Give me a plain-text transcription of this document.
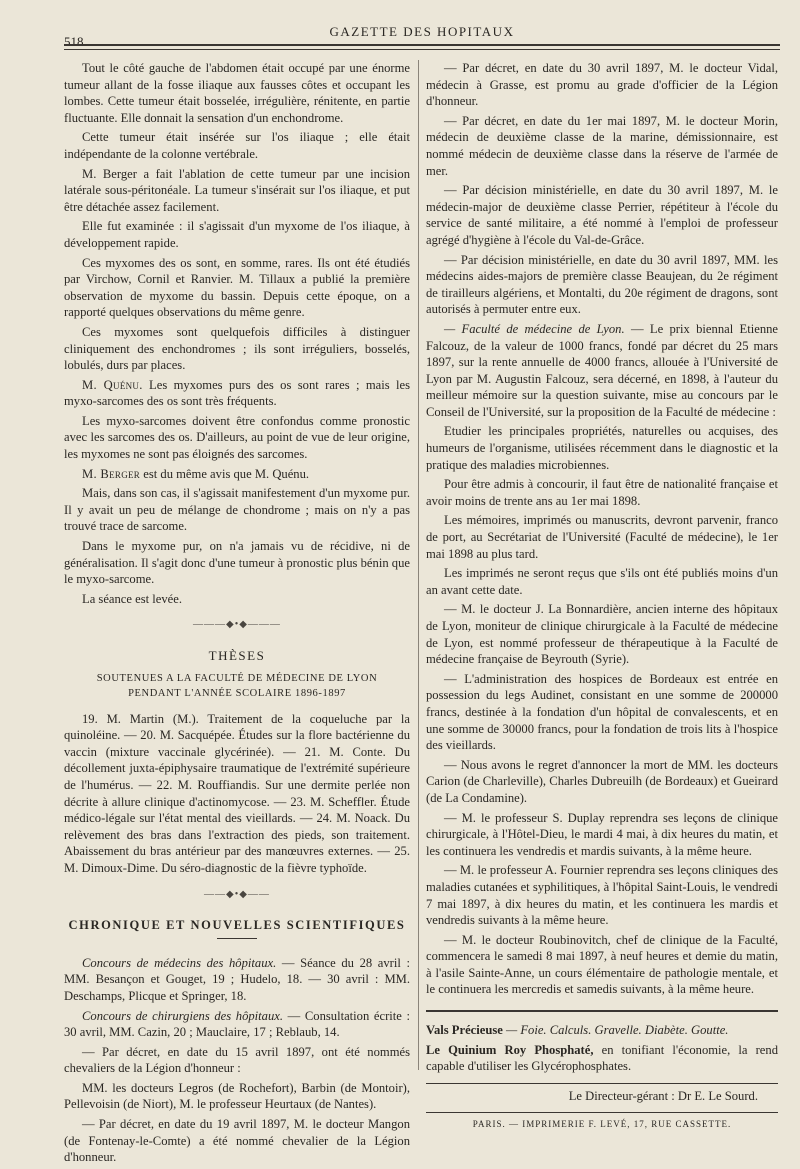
518
GAZETTE DES HOPITAUX

Tout le côté gauche de l'abdomen était occupé par une énorme tumeur allant de la fosse iliaque aux fausses côtes et occupant les lombes. Cette tumeur était bosselée, irrégulière, rénitente, en partie fluctuante. Elle donnait la sensation d'un enchondrome.

Cette tumeur était insérée sur l'os iliaque ; elle était indépendante de la colonne vertébrale.

M. Berger a fait l'ablation de cette tumeur par une incision latérale sous-péritonéale. La tumeur s'insérait sur l'os iliaque, et put être détachée assez facilement.

Elle fut examinée : il s'agissait d'un myxome de l'os iliaque, à développement rapide.

Ces myxomes des os sont, en somme, rares. Ils ont été étudiés par Virchow, Cornil et Ranvier. M. Tillaux a publié la première observation de myxome du bassin. Depuis cette époque, on a rapporté quelques observations du même genre.

Ces myxomes sont quelquefois difficiles à distinguer cliniquement des enchondromes ; ils sont irréguliers, bosselés, lobulés, durs par places.

M. Quénu. Les myxomes purs des os sont rares ; mais les myxo-sarcomes des os sont très fréquents.

Les myxo-sarcomes doivent être confondus comme pronostic avec les sarcomes des os. D'ailleurs, au point de vue de leur origine, les myxomes ne sont pas éloignés des sarcomes.

M. Berger est du même avis que M. Quénu.

Mais, dans son cas, il s'agissait manifestement d'un myxome pur. Il y avait un peu de mélange de chondrome ; mais on n'y a pas trouvé trace de sarcome.

Dans le myxome pur, on n'a jamais vu de récidive, ni de généralisation. Il s'agit donc d'une tumeur à pronostic plus bénin que le myxo-sarcome.

La séance est levée.

———◆•◆———
THÈSES
SOUTENUES A LA FACULTÉ DE MÉDECINE DE LYON
PENDANT L'ANNÉE SCOLAIRE 1896-1897

19. M. Martin (M.). Traitement de la coqueluche par la quinoléine. — 20. M. Sacquépée. Études sur la flore bactérienne du vaccin (mixture vaccinale glycérinée). — 21. M. Conte. Du décollement juxta-épiphysaire traumatique de l'extrémité supérieure de l'humérus. — 22. M. Rouffiandis. Sur une dermite perlée non décrite à allure clinique d'actinomycose. — 23. M. Scheffler. Étude médico-légale sur l'état mental des vieillards. — 24. M. Noack. Du relèvement des bras dans l'extraction des pieds, son traitement. Abaissement du bras antérieur par des manœuvres externes. — 25. M. Dimoux-Dime. Du séro-diagnostic de la fièvre typhoïde.

——◆•◆——
CHRONIQUE ET NOUVELLES SCIENTIFIQUES

Concours de médecins des hôpitaux. — Séance du 28 avril : MM. Besançon et Gouget, 19 ; Hudelo, 18. — 30 avril : MM. Deschamps, Plicque et Springer, 18.

Concours de chirurgiens des hôpitaux. — Consultation écrite : 30 avril, MM. Cazin, 20 ; Mauclaire, 17 ; Reblaub, 14.

— Par décret, en date du 15 avril 1897, ont été nommés chevaliers de la Légion d'honneur :

MM. les docteurs Legros (de Rochefort), Barbin (de Montoir), Pellevoisin (de Niort), M. le professeur Heurtaux (de Nantes).

— Par décret, en date du 19 avril 1897, M. le docteur Mangon (de Fontenay-le-Comte) a été nommé chevalier de la Légion d'honneur.

— Par décret, en date du 30 avril 1897, M. le docteur Vidal, médecin à Grasse, est promu au grade d'officier de la Légion d'honneur.

— Par décret, en date du 1er mai 1897, M. le docteur Morin, médecin de deuxième classe de la marine, démissionnaire, est nommé médecin de deuxième classe dans la réserve de l'armée de mer.

— Par décision ministérielle, en date du 30 avril 1897, M. le médecin-major de deuxième classe Perrier, répétiteur à l'école du service de santé militaire, a été nommé à l'emploi de professeur agrégé d'hygiène à l'école du Val-de-Grâce.

— Par décision ministérielle, en date du 30 avril 1897, MM. les médecins aides-majors de première classe Beaujean, du 2e régiment de tirailleurs algériens, et Montalti, du 20e régiment de dragons, sont autorisés à permuter entre eux.

— Faculté de médecine de Lyon. — Le prix biennal Etienne Falcouz, de la valeur de 1000 francs, fondé par décret du 25 mars 1897, sur la rente annuelle de 4000 francs, allouée à l'Université de Lyon par M. Augustin Falcouz, sera décerné, en 1898, à l'auteur du meilleur mémoire sur la question suivante, mise au concours par le Conseil de l'Université, sur la proposition de la Faculté de médecine :

Etudier les principales propriétés, naturelles ou acquises, des humeurs de l'organisme, utilisées récemment dans le diagnostic et la pratique des maladies microbiennes.

Pour être admis à concourir, il faut être de nationalité française et avoir moins de trente ans au 1er mai 1898.

Les mémoires, imprimés ou manuscrits, devront parvenir, franco de port, au Secrétariat de l'Université (Faculté de médecine), le 1er mai 1898 au plus tard.

Les imprimés ne seront reçus que s'ils ont été publiés moins d'un an avant cette date.

— M. le docteur J. La Bonnardière, ancien interne des hôpitaux de Lyon, moniteur de clinique chirurgicale à la Faculté de médecine de Lyon, est nommé professeur de thérapeutique à la Faculté de médecine française de Beyrouth (Syrie).

— L'administration des hospices de Bordeaux est entrée en possession du legs Audinet, consistant en une somme de 200000 francs, destinée à la fondation d'un hôpital de convalescents, et en une somme de 30000 francs, pour la fondation de trois lits à l'hospice des vieillards.

— Nous avons le regret d'annoncer la mort de MM. les docteurs Carion (de Charleville), Charles Dubreuilh (de Bordeaux) et Gueirard (de La Condamine).

— M. le professeur S. Duplay reprendra ses leçons de clinique chirurgicale, à l'Hôtel-Dieu, le mardi 4 mai, à dix heures du matin, et les continuera les vendredis et mardis suivants, à la même heure.

— M. le professeur A. Fournier reprendra ses leçons cliniques des maladies cutanées et syphilitiques, à l'hôpital Saint-Louis, le vendredi 7 mai 1897, à dix heures du matin, et les continuera les mardis et vendredis suivants à la même heure.

— M. le docteur Roubinovitch, chef de clinique de la Faculté, commencera le samedi 8 mai 1897, à neuf heures et demie du matin, à l'asile Sainte-Anne, un cours élémentaire de pathologie mentale, et le continuera les mercredis et samedis suivants, à la même heure.

Vals Précieuse — Foie. Calculs. Gravelle. Diabète. Goutte.

Le Quinium Roy Phosphaté, en tonifiant l'économie, la rend capable d'utiliser les Glycérophosphates.

Le Directeur-gérant : Dr E. Le Sourd.
PARIS. — IMPRIMERIE F. LEVÉ, 17, RUE CASSETTE.
